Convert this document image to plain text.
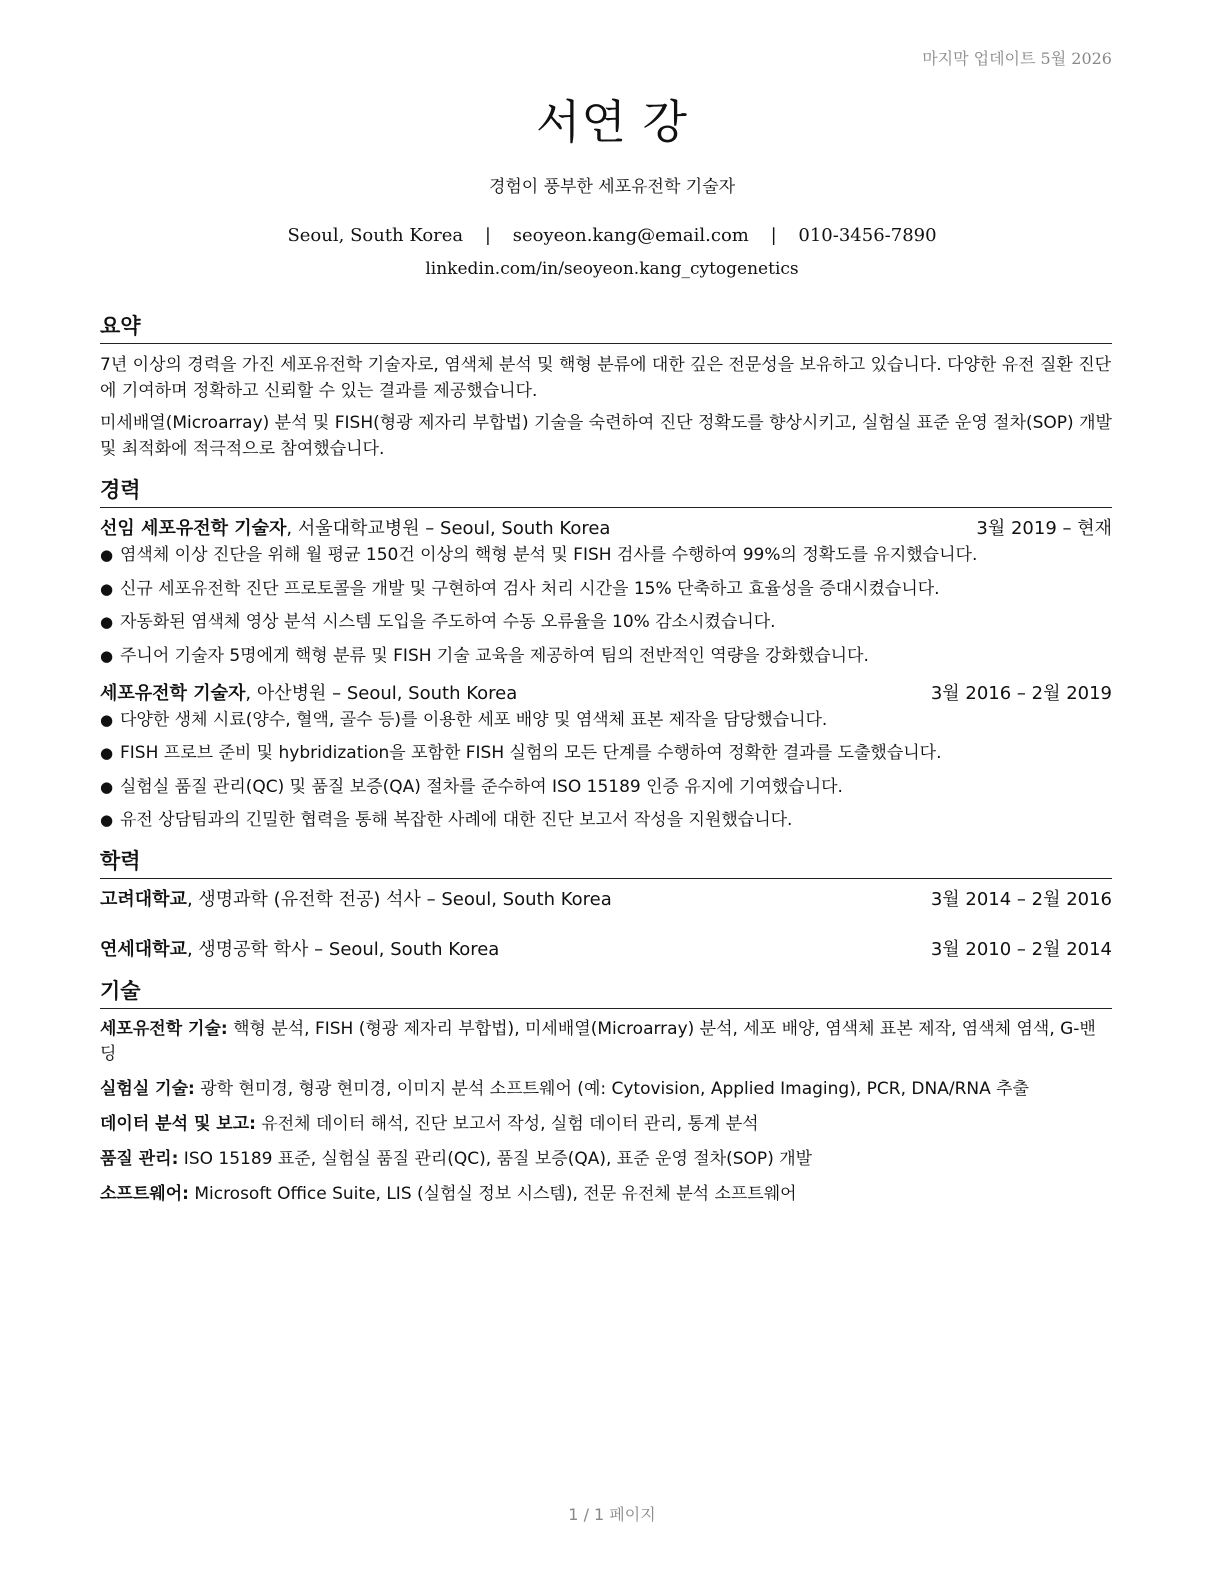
마지막 업데이트 5월 2026
서연 강
경험이 풍부한 세포유전학 기술자
Seoul, South Korea | seoyeon.kang@email.com | 010-3456-7890
linkedin.com/in/seoyeon.kang_cytogenetics
요약

7년 이상의 경력을 가진 세포유전학 기술자로, 염색체 분석 및 핵형 분류에 대한 깊은 전문성을 보유하고 있습니다. 다양한 유전 질환 진단에 기여하며 정확하고 신뢰할 수 있는 결과를 제공했습니다.

미세배열(Microarray) 분석 및 FISH(형광 제자리 부합법) 기술을 숙련하여 진단 정확도를 향상시키고, 실험실 표준 운영 절차(SOP) 개발 및 최적화에 적극적으로 참여했습니다.

경력
선임 세포유전학 기술자, 서울대학교병원 – Seoul, South Korea	3월 2019 – 현재
● 염색체 이상 진단을 위해 월 평균 150건 이상의 핵형 분석 및 FISH 검사를 수행하여 99%의 정확도를 유지했습니다.
● 신규 세포유전학 진단 프로토콜을 개발 및 구현하여 검사 처리 시간을 15% 단축하고 효율성을 증대시켰습니다.
● 자동화된 염색체 영상 분석 시스템 도입을 주도하여 수동 오류율을 10% 감소시켰습니다.
● 주니어 기술자 5명에게 핵형 분류 및 FISH 기술 교육을 제공하여 팀의 전반적인 역량을 강화했습니다.
세포유전학 기술자, 아산병원 – Seoul, South Korea	3월 2016 – 2월 2019
● 다양한 생체 시료(양수, 혈액, 골수 등)를 이용한 세포 배양 및 염색체 표본 제작을 담당했습니다.
● FISH 프로브 준비 및 hybridization을 포함한 FISH 실험의 모든 단계를 수행하여 정확한 결과를 도출했습니다.
● 실험실 품질 관리(QC) 및 품질 보증(QA) 절차를 준수하여 ISO 15189 인증 유지에 기여했습니다.
● 유전 상담팀과의 긴밀한 협력을 통해 복잡한 사례에 대한 진단 보고서 작성을 지원했습니다.
학력
고려대학교, 생명과학 (유전학 전공) 석사 – Seoul, South Korea	3월 2014 – 2월 2016
연세대학교, 생명공학 학사 – Seoul, South Korea	3월 2010 – 2월 2014
기술
세포유전학 기술: 핵형 분석, FISH (형광 제자리 부합법), 미세배열(Microarray) 분석, 세포 배양, 염색체 표본 제작, 염색체 염색, G-밴딩
실험실 기술: 광학 현미경, 형광 현미경, 이미지 분석 소프트웨어 (예: Cytovision, Applied Imaging), PCR, DNA/RNA 추출
데이터 분석 및 보고: 유전체 데이터 해석, 진단 보고서 작성, 실험 데이터 관리, 통계 분석
품질 관리: ISO 15189 표준, 실험실 품질 관리(QC), 품질 보증(QA), 표준 운영 절차(SOP) 개발
소프트웨어: Microsoft Office Suite, LIS (실험실 정보 시스템), 전문 유전체 분석 소프트웨어
1 / 1 페이지
